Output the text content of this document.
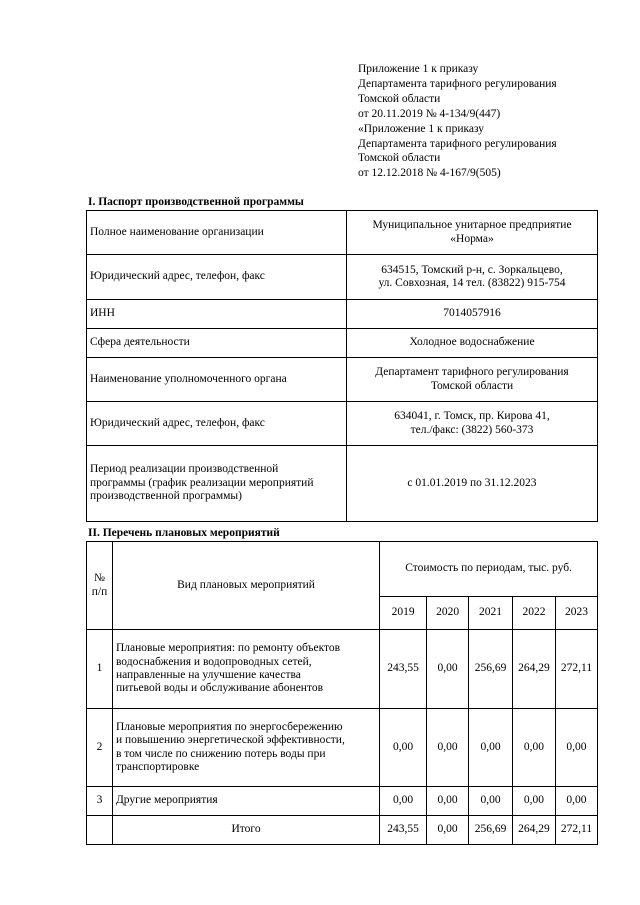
Приложение 1 к приказу
Департамента тарифного регулирования
Томской области
от 20.11.2019 № 4-134/9(447)
«Приложение 1 к приказу
Департамента тарифного регулирования
Томской области
от 12.12.2018 № 4-167/9(505)
I. Паспорт производственной программы
Полное наименование организации	Муниципальное унитарное предприятие
«Норма»

Юридический адрес, телефон, факс	634515, Томский р-н, с. Зоркальцево,
ул. Совхозная, 14 тел. (83822) 915-754

ИНН	7014057916
Сфера деятельности	Холодное водоснабжение
Наименование уполномоченного органа	Департамент тарифного регулирования
Томской области

Юридический адрес, телефон, факс	634041, г. Томск, пр. Кирова 41,
тел./факс: (3822) 560-373

Период реализации производственной
программы (график реализации мероприятий
производственной программы)	с 01.01.2019 по 31.12.2023
II. Перечень плановых мероприятий
№
п/п	Вид плановых мероприятий	Стоимость по периодам, тыс. руб.				
		2019	2020	2021	2022	2023
1	Плановые мероприятия: по ремонту объектов
водоснабжения и водопроводных сетей,
направленные на улучшение качества
питьевой воды и обслуживание абонентов	243,55	0,00	256,69	264,29	272,11
2	Плановые мероприятия по энергосбережению
и повышению энергетической эффективности,
в том числе по снижению потерь воды при
транспортировке	0,00	0,00	0,00	0,00	0,00
3	Другие мероприятия	0,00	0,00	0,00	0,00	0,00
	Итого	243,55	0,00	256,69	264,29	272,11
